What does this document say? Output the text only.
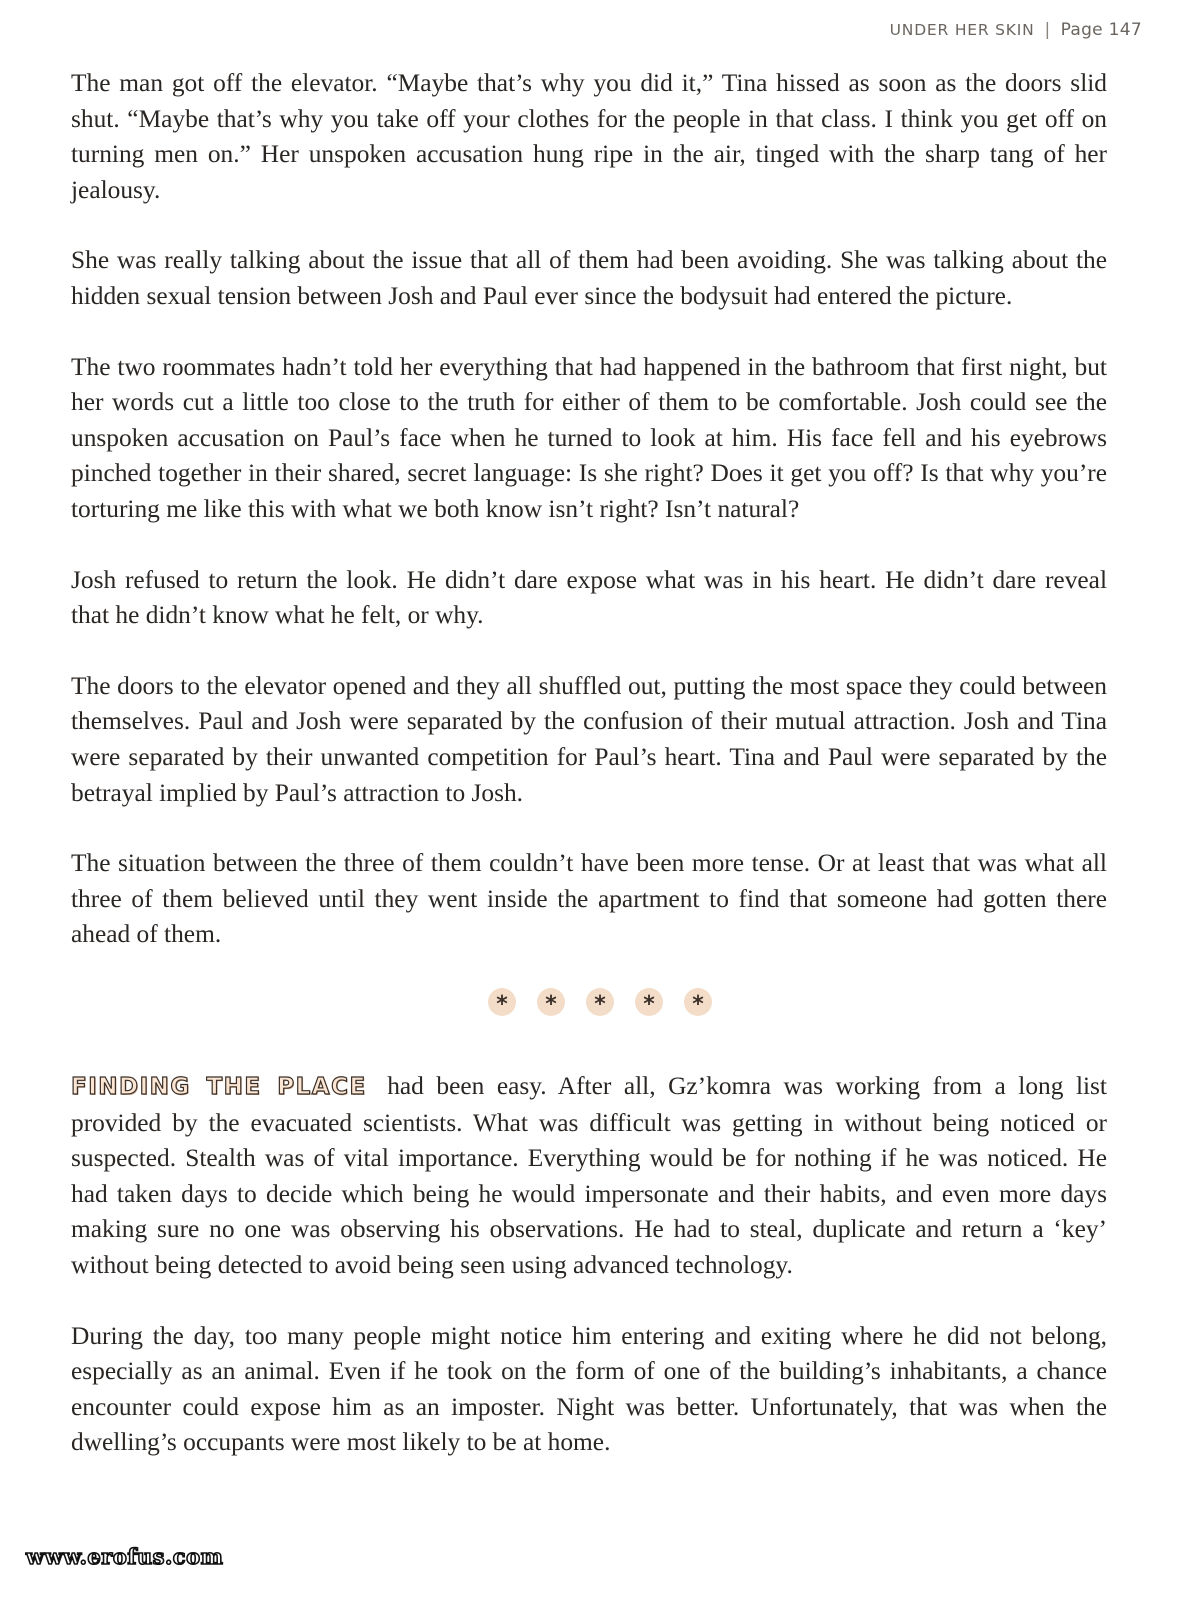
UNDER HER SKIN | Page 147

The man got off the elevator. “Maybe that’s why you did it,” Tina hissed as soon as the doors slid shut. “Maybe that’s why you take off your clothes for the people in that class. I think you get off on turning men on.” Her unspoken accusation hung ripe in the air, tinged with the sharp tang of her jealousy.

She was really talking about the issue that all of them had been avoiding. She was talking about the hidden sexual tension between Josh and Paul ever since the bodysuit had entered the picture.

The two roommates hadn’t told her everything that had happened in the bathroom that first night, but her words cut a little too close to the truth for either of them to be comfortable. Josh could see the unspoken accusation on Paul’s face when he turned to look at him. His face fell and his eyebrows pinched together in their shared, secret language: Is she right? Does it get you off? Is that why you’re torturing me like this with what we both know isn’t right? Isn’t natural?

Josh refused to return the look. He didn’t dare expose what was in his heart. He didn’t dare reveal that he didn’t know what he felt, or why.

The doors to the elevator opened and they all shuffled out, putting the most space they could between themselves. Paul and Josh were separated by the confusion of their mutual attraction. Josh and Tina were separated by their unwanted competition for Paul’s heart. Tina and Paul were separated by the betrayal implied by Paul’s attraction to Josh.

The situation between the three of them couldn’t have been more tense. Or at least that was what all three of them believed until they went inside the apartment to find that someone had gotten there ahead of them.

* * * * *

FINDING THE PLACE had been easy. After all, Gz’komra was working from a long list provided by the evacuated scientists. What was difficult was getting in without being noticed or suspected. Stealth was of vital importance. Everything would be for nothing if he was noticed. He had taken days to decide which being he would impersonate and their habits, and even more days making sure no one was observing his observations. He had to steal, duplicate and return a ‘key’ without being detected to avoid being seen using advanced technology.

During the day, too many people might notice him entering and exiting where he did not belong, especially as an animal. Even if he took on the form of one of the building’s inhabitants, a chance encounter could expose him as an imposter. Night was better. Unfortunately, that was when the dwelling’s occupants were most likely to be at home.

www.erofus.com
